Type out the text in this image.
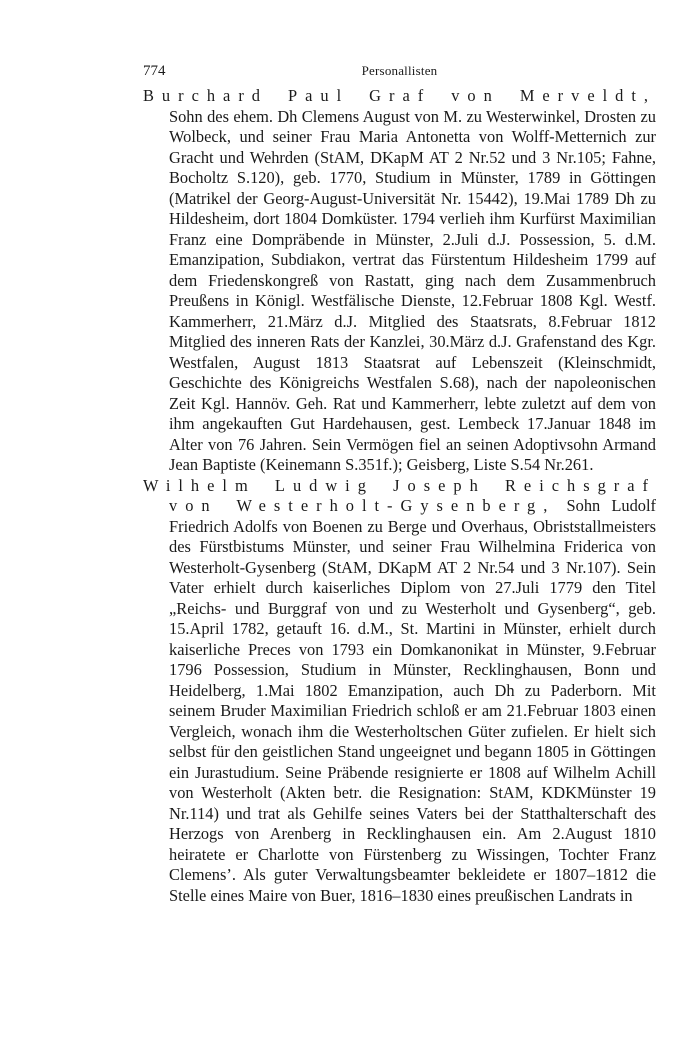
774	Personallisten

Burchard Paul Graf von Merveldt, Sohn des ehem. Dh Clemens August von M. zu Westerwinkel, Drosten zu Wolbeck, und seiner Frau Maria Antonetta von Wolff-Metternich zur Gracht und Wehrden (StAM, DKapM AT 2 Nr.52 und 3 Nr.105; Fahne, Bocholtz S.120), geb. 1770, Studium in Münster, 1789 in Göttingen (Matrikel der Georg-August-Universität Nr. 15442), 19.Mai 1789 Dh zu Hildesheim, dort 1804 Domküster. 1794 verlieh ihm Kurfürst Maximilian Franz eine Dompräbende in Münster, 2.Juli d.J. Possession, 5. d.M. Emanzipation, Subdiakon, vertrat das Fürstentum Hildesheim 1799 auf dem Friedenskongreß von Rastatt, ging nach dem Zusammenbruch Preußens in Königl. Westfälische Dienste, 12.Februar 1808 Kgl. Westf. Kammerherr, 21.März d.J. Mitglied des Staatsrats, 8.Februar 1812 Mitglied des inneren Rats der Kanzlei, 30.März d.J. Grafenstand des Kgr. Westfalen, August 1813 Staatsrat auf Lebenszeit (Kleinschmidt, Geschichte des Königreichs Westfalen S.68), nach der napoleonischen Zeit Kgl. Hannöv. Geh. Rat und Kammerherr, lebte zuletzt auf dem von ihm angekauften Gut Hardehausen, gest. Lembeck 17.Januar 1848 im Alter von 76 Jahren. Sein Vermögen fiel an seinen Adoptivsohn Armand Jean Baptiste (Keinemann S.351f.); Geisberg, Liste S.54 Nr.261.

Wilhelm Ludwig Joseph Reichsgraf von Westerholt-Gysenberg, Sohn Ludolf Friedrich Adolfs von Boenen zu Berge und Overhaus, Obriststallmeisters des Fürstbistums Münster, und seiner Frau Wilhelmina Friderica von Westerholt-Gysenberg (StAM, DKapM AT 2 Nr.54 und 3 Nr.107). Sein Vater erhielt durch kaiserliches Diplom von 27.Juli 1779 den Titel „Reichs- und Burggraf von und zu Westerholt und Gysenberg“, geb. 15.April 1782, getauft 16. d.M., St. Martini in Münster, erhielt durch kaiserliche Preces von 1793 ein Domkanonikat in Münster, 9.Februar 1796 Possession, Studium in Münster, Recklinghausen, Bonn und Heidelberg, 1.Mai 1802 Emanzipation, auch Dh zu Paderborn. Mit seinem Bruder Maximilian Friedrich schloß er am 21.Februar 1803 einen Vergleich, wonach ihm die Westerholtschen Güter zufielen. Er hielt sich selbst für den geistlichen Stand ungeeignet und begann 1805 in Göttingen ein Jurastudium. Seine Präbende resignierte er 1808 auf Wilhelm Achill von Westerholt (Akten betr. die Resignation: StAM, KDKMünster 19 Nr.114) und trat als Gehilfe seines Vaters bei der Statthalterschaft des Herzogs von Arenberg in Recklinghausen ein. Am 2.August 1810 heiratete er Charlotte von Fürstenberg zu Wissingen, Tochter Franz Clemens’. Als guter Verwaltungsbeamter bekleidete er 1807–1812 die Stelle eines Maire von Buer, 1816–1830 eines preußischen Landrats in
